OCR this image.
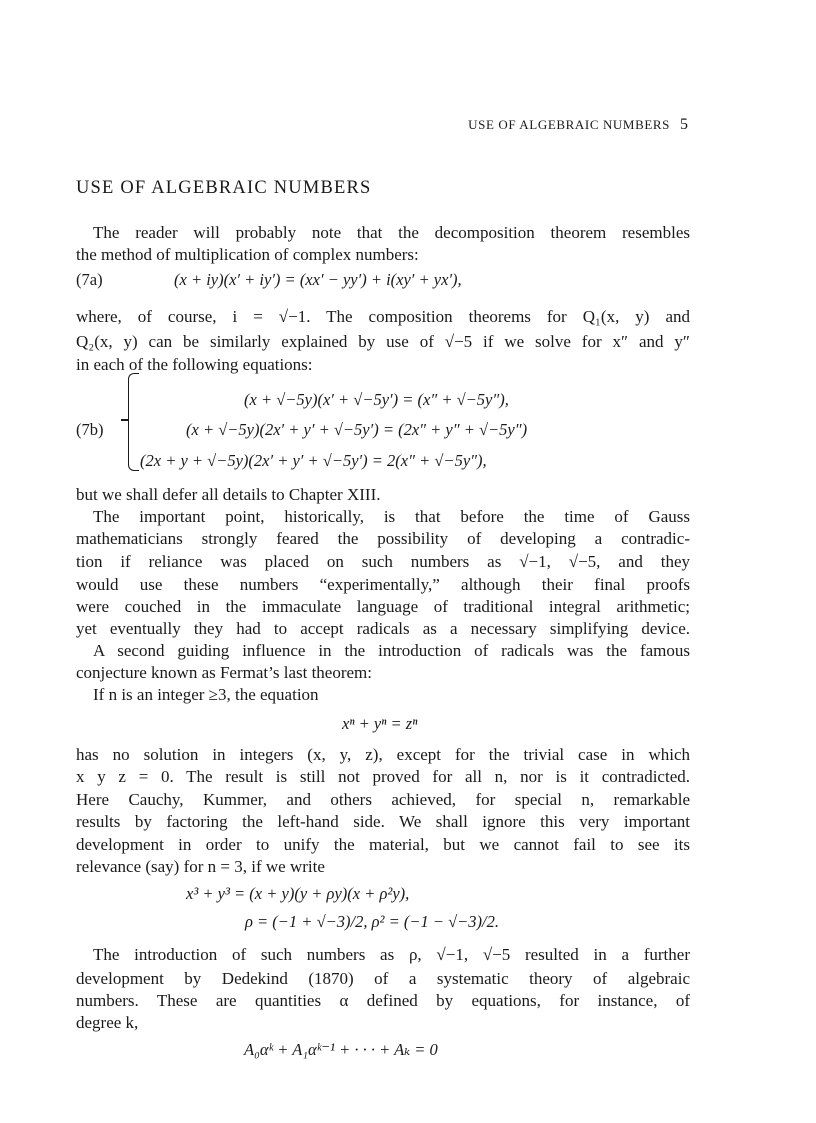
USE OF ALGEBRAIC NUMBERS 5
USE OF ALGEBRAIC NUMBERS
The reader will probably note that the decomposition theorem resembles
the method of multiplication of complex numbers:
(7a)	(x + iy)(x′ + iy′) = (xx′ − yy′) + i(xy′ + yx′),
where, of course, i = √−1. The composition theorems for Q₁(x, y) and
Q₂(x, y) can be similarly explained by use of √−5 if we solve for x″ and y″
in each of the following equations:
(7b)
(x + √−5y)(x′ + √−5y′) = (x″ + √−5y″),
(x + √−5y)(2x′ + y′ + √−5y′) = (2x″ + y″ + √−5y″)
(2x + y + √−5y)(2x′ + y′ + √−5y′) = 2(x″ + √−5y″),
but we shall defer all details to Chapter XIII.
The important point, historically, is that before the time of Gauss
mathematicians strongly feared the possibility of developing a contradic-
tion if reliance was placed on such numbers as √−1, √−5, and they
would use these numbers “experimentally,” although their final proofs
were couched in the immaculate language of traditional integral arithmetic;
yet eventually they had to accept radicals as a necessary simplifying device.
A second guiding influence in the introduction of radicals was the famous
conjecture known as Fermat’s last theorem:
If n is an integer ≥3, the equation
xⁿ + yⁿ = zⁿ
has no solution in integers (x, y, z), except for the trivial case in which
x y z = 0. The result is still not proved for all n, nor is it contradicted.
Here Cauchy, Kummer, and others achieved, for special n, remarkable
results by factoring the left-hand side. We shall ignore this very important
development in order to unify the material, but we cannot fail to see its
relevance (say) for n = 3, if we write
x³ + y³ = (x + y)(y + ρy)(x + ρ²y),
ρ = (−1 + √−3)/2, ρ² = (−1 − √−3)/2.
The introduction of such numbers as ρ, √−1, √−5 resulted in a further
development by Dedekind (1870) of a systematic theory of algebraic
numbers. These are quantities α defined by equations, for instance, of
degree k,
A₀αᵏ + A₁αᵏ⁻¹ + · · · + Aₖ = 0
